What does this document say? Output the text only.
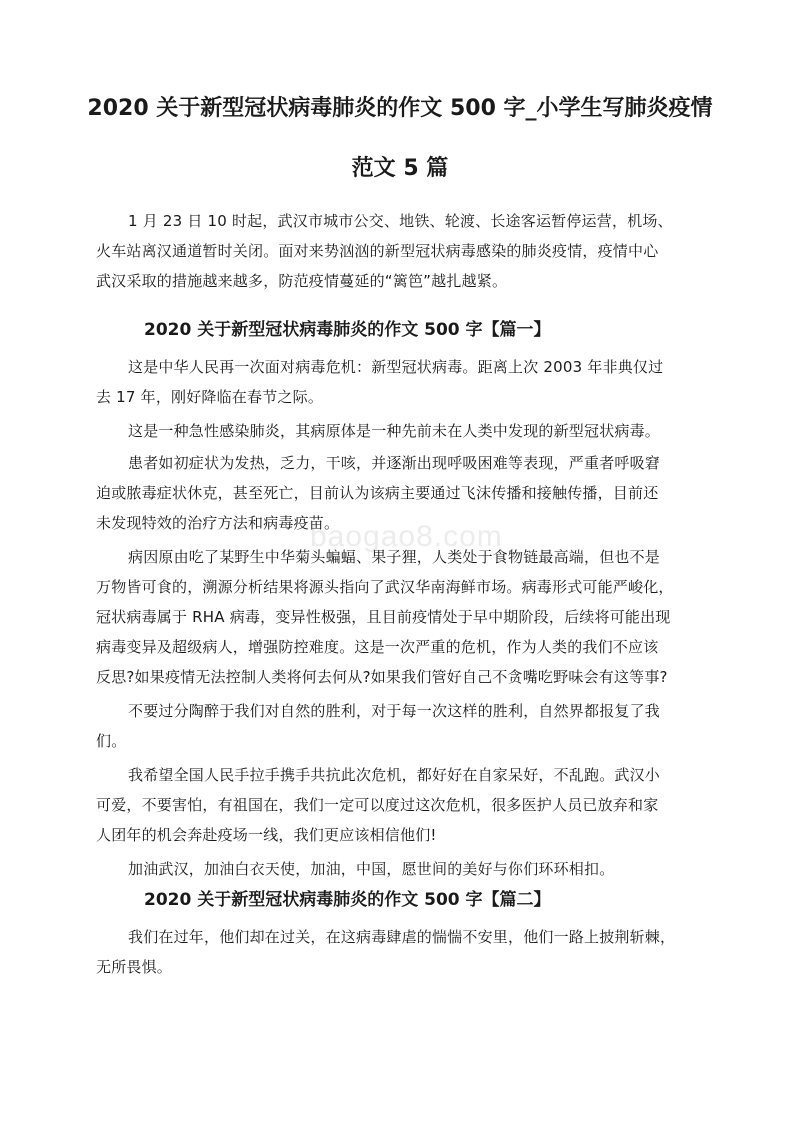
2020 关于新型冠状病毒肺炎的作文 500 字_小学生写肺炎疫情
范文 5 篇

1 月 23 日 10 时起，武汉市城市公交、地铁、轮渡、长途客运暂停运营，机场、

火车站离汉通道暂时关闭。面对来势汹汹的新型冠状病毒感染的肺炎疫情，疫情中心

武汉采取的措施越来越多，防范疫情蔓延的“篱笆”越扎越紧。

2020 关于新型冠状病毒肺炎的作文 500 字【篇一】

这是中华人民再一次面对病毒危机：新型冠状病毒。距离上次 2003 年非典仅过

去 17 年，刚好降临在春节之际。

这是一种急性感染肺炎，其病原体是一种先前未在人类中发现的新型冠状病毒。

患者如初症状为发热，乏力，干咳，并逐渐出现呼吸困难等表现，严重者呼吸窘

迫或脓毒症状休克，甚至死亡，目前认为该病主要通过飞沫传播和接触传播，目前还

未发现特效的治疗方法和病毒疫苗。

病因原由吃了某野生中华菊头蝙蝠、果子狸，人类处于食物链最高端，但也不是

万物皆可食的，溯源分析结果将源头指向了武汉华南海鲜市场。病毒形式可能严峻化，

冠状病毒属于 RHA 病毒，变异性极强，且目前疫情处于早中期阶段，后续将可能出现

病毒变异及超级病人，增强防控难度。这是一次严重的危机，作为人类的我们不应该

反思?如果疫情无法控制人类将何去何从?如果我们管好自己不贪嘴吃野味会有这等事?

不要过分陶醉于我们对自然的胜利，对于每一次这样的胜利，自然界都报复了我

们。

我希望全国人民手拉手携手共抗此次危机，都好好在自家呆好，不乱跑。武汉小

可爱，不要害怕，有祖国在，我们一定可以度过这次危机，很多医护人员已放弃和家

人团年的机会奔赴疫场一线，我们更应该相信他们!

加油武汉，加油白衣天使，加油，中国，愿世间的美好与你们环环相扣。

2020 关于新型冠状病毒肺炎的作文 500 字【篇二】

我们在过年，他们却在过关，在这病毒肆虐的惴惴不安里，他们一路上披荆斩棘，

无所畏惧。

baogao8.com
